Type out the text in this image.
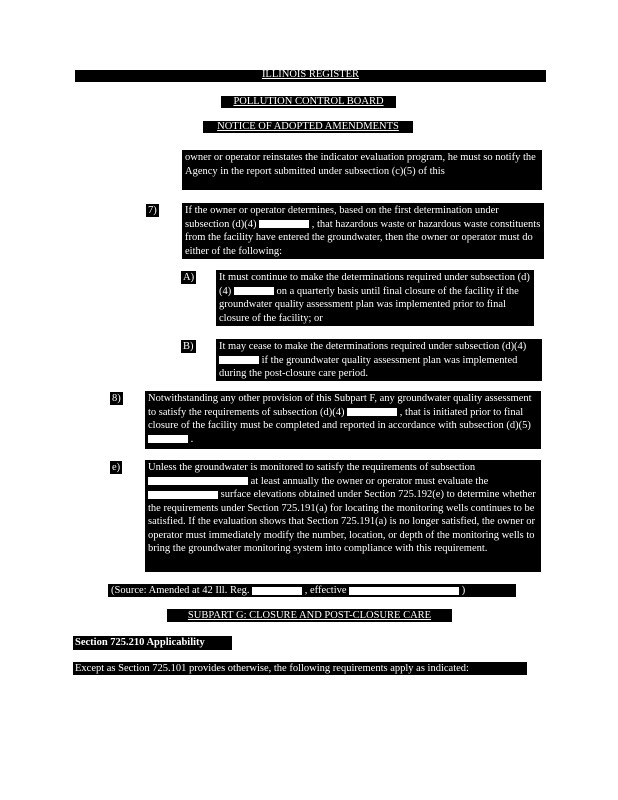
ILLINOIS REGISTER
POLLUTION CONTROL BOARD
NOTICE OF ADOPTED AMENDMENTS
owner or operator reinstates the indicator evaluation program, he must so notify the Agency in the report submitted under subsection (c)(5) of this
7)	If the owner or operator determines, based on the first determination under subsection (d)(4)	, that hazardous waste or hazardous waste constituents from the facility have entered the groundwater, then the owner or operator must do either of the following:
A) It must continue to make the determinations required under subsection (d)(4)	on a quarterly basis until final closure of the facility if the groundwater quality assessment plan was implemented prior to final closure of the facility; or
B) It may cease to make the determinations required under subsection (d)(4)  if the groundwater quality assessment plan was implemented during the post-closure care period.
8)	Notwithstanding any other provision of this Subpart F, any groundwater quality assessment to satisfy the requirements of subsection (d)(4)	, that is initiated prior to final closure of the facility must be completed and reported in accordance with subsection (d)(5)  .
e)	Unless the groundwater is monitored to satisfy the requirements of subsection  at least annually the owner or operator must evaluate the  surface elevations obtained under Section 725.192(e) to determine whether the requirements under Section 725.191(a) for locating the monitoring wells continues to be satisfied. If the evaluation shows that Section 725.191(a) is no longer satisfied, the owner or operator must immediately modify the number, location, or depth of the monitoring wells to bring the groundwater monitoring system into compliance with this requirement.
(Source: Amended at 42 Ill. Reg.	, effective	)
SUBPART G: CLOSURE AND POST-CLOSURE CARE
Section 725.210 Applicability
Except as Section 725.101 provides otherwise, the following requirements apply as indicated:
